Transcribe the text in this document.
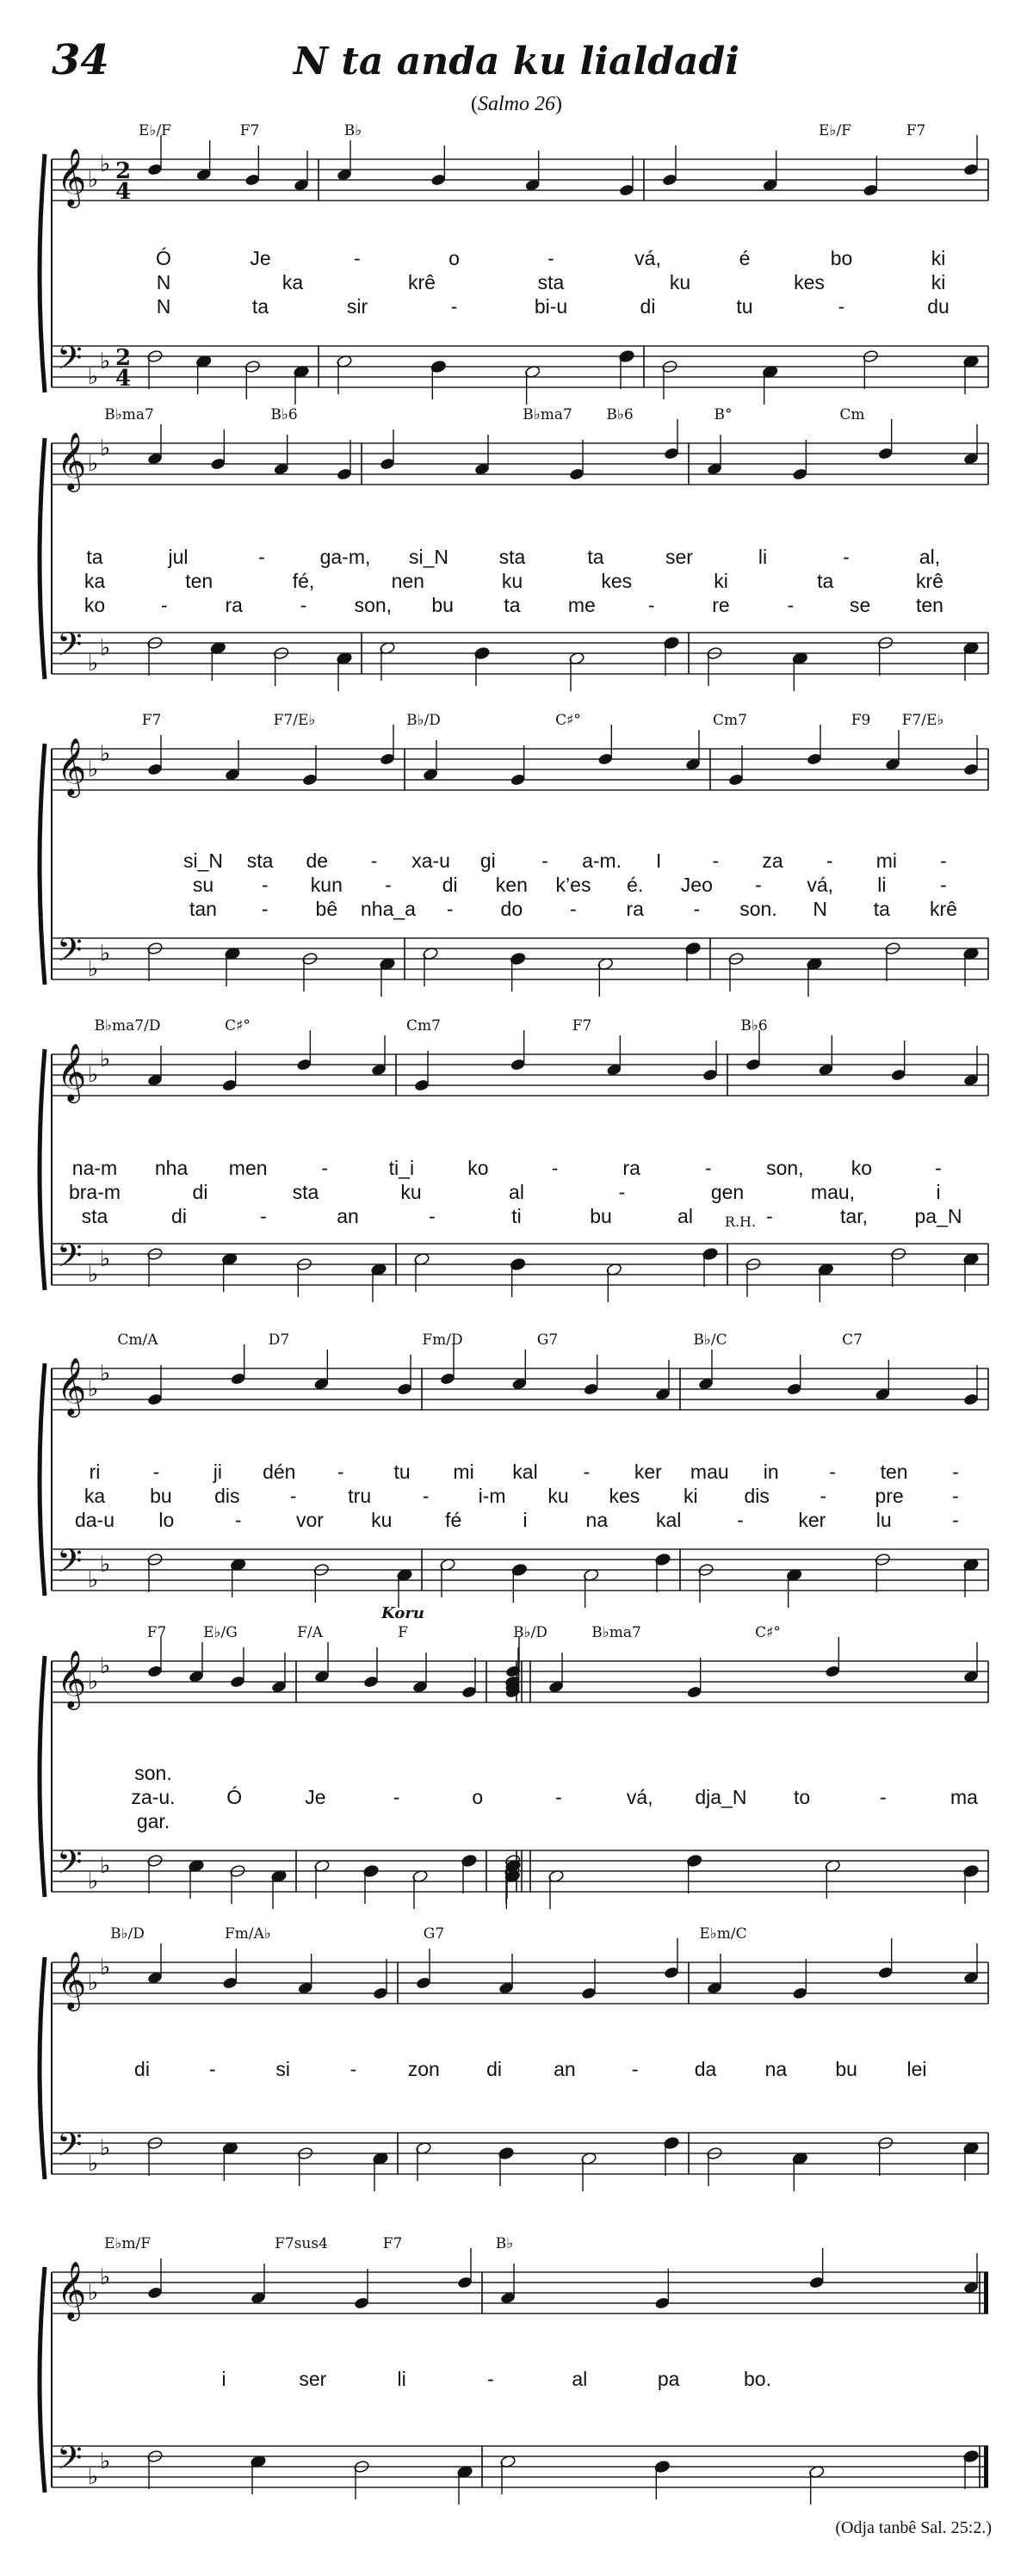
34	N ta anda ku lialdadi
(Salmo 26)
E♭/F	F7	B♭	E♭/F	F7
𝄞
𝄢
♭
♭
♭
♭
2
4
2
4
Ó	Je	-	o	-	vá,	é	bo	ki
N	ka	krê	sta	ku	kes	ki
N	ta	sir	-	bi-u	di	tu	-	du
B♭ma7	B♭6	B♭ma7 B♭6	B°	Cm
𝄞
𝄢
♭
♭
♭
♭
ta	jul	-	ga-m, si_N	sta	ta	ser	li	-	al,
ka	ten	fé,	nen	ku	kes	ki	ta	krê
ko	-	ra	- son, bu	ta me	-	re	-	se ten
F7	F7/E♭	B♭/D	C♯°	Cm7	F9 F7/E♭
𝄞
𝄢
♭
♭
♭
♭
si_N sta de - xa-u gi - a-m. I	- za - mi -
su - kun -	di ken k’es é. Jeo - vá, li	-
tan - bê nha_a - do -	ra	- son. N ta krê
B♭ma7/D	C♯°	Cm7	F7	B♭6
𝄞
𝄢
♭
♭
♭
♭
na-m nha men	-	ti_i	ko	-	ra	-	son, ko	-
bra-m	di	sta	ku	al	-	gen	mau,	i
sta	di	-	an	-	ti	bu	al	-	tar, pa_N
R.H.
Cm/A	D7	Fm/D	G7	B♭/C	C7
𝄞
𝄢
♭
♭
♭
♭
ri	-	ji dén -	tu mi kal - ker mau in	- ten -
ka bu dis	-	tru	- i-m ku kes ki dis	- pre -
da-u lo	-	vor ku	fé	i	na kal	-	ker	lu	-
F7	E♭/G	F/A	F	B♭/D	B♭ma7	C♯°
𝄞
𝄢
♭
♭
♭
♭
son.
za-u.	Ó	Je	-	o	-	vá, dja_N to	-	ma
gar.
Koru
B♭/D	Fm/A♭	G7	E♭m/C
𝄞
𝄢
♭
♭
♭
♭
di	-	si	-	zon di	an	-	da na bu	lei
E♭m/F	F7sus4	F7	B♭
𝄞
𝄢
♭
♭
♭
♭
i	ser	li	-	al	pa	bo.
(Odja tanbê Sal. 25:2.)
